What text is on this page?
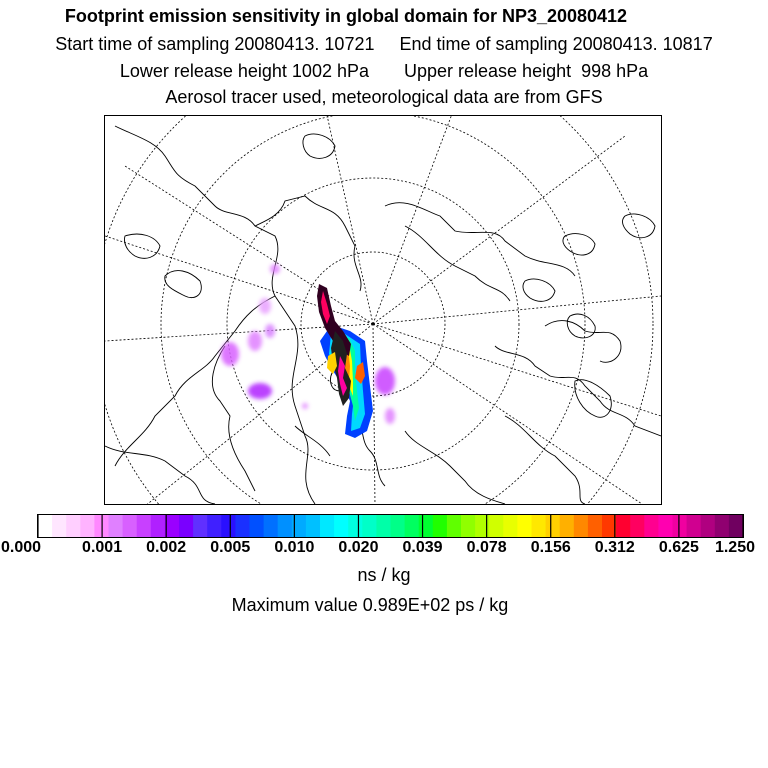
Footprint emission sensitivity in global domain for NP3_20080412
Start time of sampling 20080413. 10721     End time of sampling 20080413. 10817
Lower release height 1002 hPa       Upper release height  998 hPa
Aerosol tracer used, meteorological data are from GFS
0.000	0.001 0.002 0.005 0.010 0.020 0.039 0.078 0.156 0.312 0.625 1.250
ns / kg
Maximum value 0.989E+02 ps / kg
